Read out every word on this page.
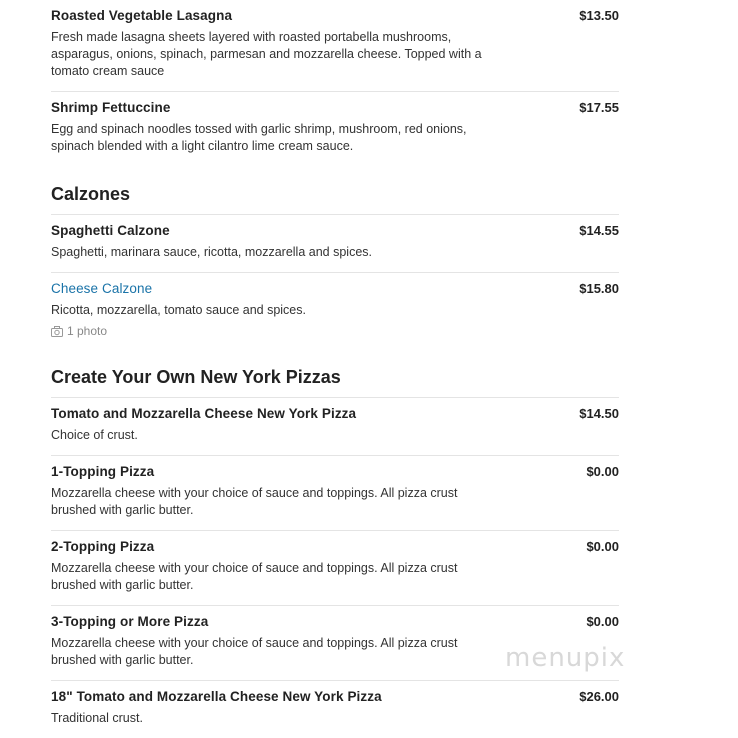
Roasted Vegetable Lasagna	$13.50
Fresh made lasagna sheets layered with roasted portabella mushrooms, asparagus, onions, spinach, parmesan and mozzarella cheese. Topped with a tomato cream sauce
Shrimp Fettuccine	$17.55
Egg and spinach noodles tossed with garlic shrimp, mushroom, red onions, spinach blended with a light cilantro lime cream sauce.
Calzones
Spaghetti Calzone	$14.55
Spaghetti, marinara sauce, ricotta, mozzarella and spices.
Cheese Calzone	$15.80
Ricotta, mozzarella, tomato sauce and spices.
1 photo
Create Your Own New York Pizzas
Tomato and Mozzarella Cheese New York Pizza	$14.50
Choice of crust.
1-Topping Pizza	$0.00
Mozzarella cheese with your choice of sauce and toppings. All pizza crust brushed with garlic butter.
2-Topping Pizza	$0.00
Mozzarella cheese with your choice of sauce and toppings. All pizza crust brushed with garlic butter.
3-Topping or More Pizza	$0.00
Mozzarella cheese with your choice of sauce and toppings. All pizza crust brushed with garlic butter.
18" Tomato and Mozzarella Cheese New York Pizza	$26.00
Traditional crust.
menupix
